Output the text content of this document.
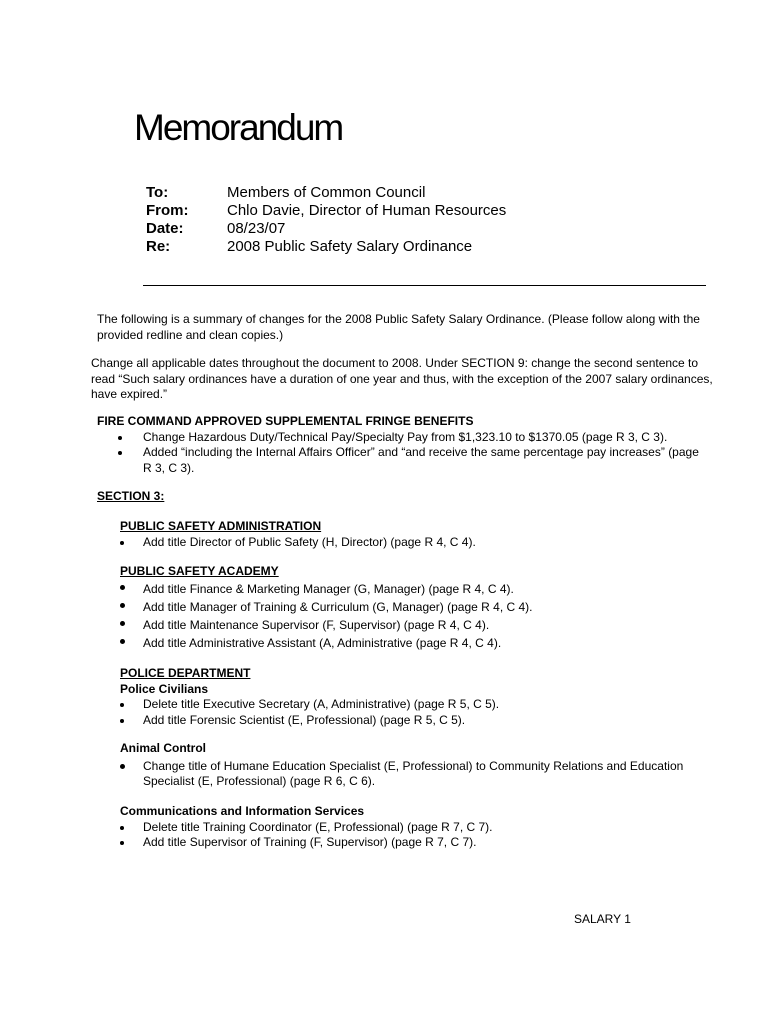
Memorandum
To:	Members of Common Council
From:	Chlo Davie, Director of Human Resources
Date:	08/23/07
Re:	2008 Public Safety Salary Ordinance
The following is a summary of changes for the 2008 Public Safety Salary Ordinance. (Please follow along with the provided redline and clean copies.)
Change all applicable dates throughout the document to 2008. Under SECTION 9: change the second sentence to read “Such salary ordinances have a duration of one year and thus, with the exception of the 2007 salary ordinances, have expired.”
FIRE COMMAND APPROVED SUPPLEMENTAL FRINGE BENEFITS
Change Hazardous Duty/Technical Pay/Specialty Pay from $1,323.10 to $1370.05 (page R 3, C 3).
Added “including the Internal Affairs Officer” and “and receive the same percentage pay increases” (page R 3, C 3).
SECTION 3:
PUBLIC SAFETY ADMINISTRATION
Add title Director of Public Safety (H, Director) (page R 4, C 4).
PUBLIC SAFETY ACADEMY
Add title Finance & Marketing Manager (G, Manager) (page R 4, C 4).
Add title Manager of Training & Curriculum (G, Manager) (page R 4, C 4).
Add title Maintenance Supervisor (F, Supervisor) (page R 4, C 4).
Add title Administrative Assistant (A, Administrative (page R 4, C 4).
POLICE DEPARTMENT
Police Civilians
Delete title Executive Secretary (A, Administrative) (page R 5, C 5).
Add title Forensic Scientist (E, Professional) (page R 5, C 5).
Animal Control
Change title of Humane Education Specialist (E, Professional) to Community Relations and Education Specialist (E, Professional) (page R 6, C 6).
Communications and Information Services
Delete title Training Coordinator (E, Professional) (page R 7, C 7).
Add title Supervisor of Training (F, Supervisor) (page R 7, C 7).
SALARY 1
